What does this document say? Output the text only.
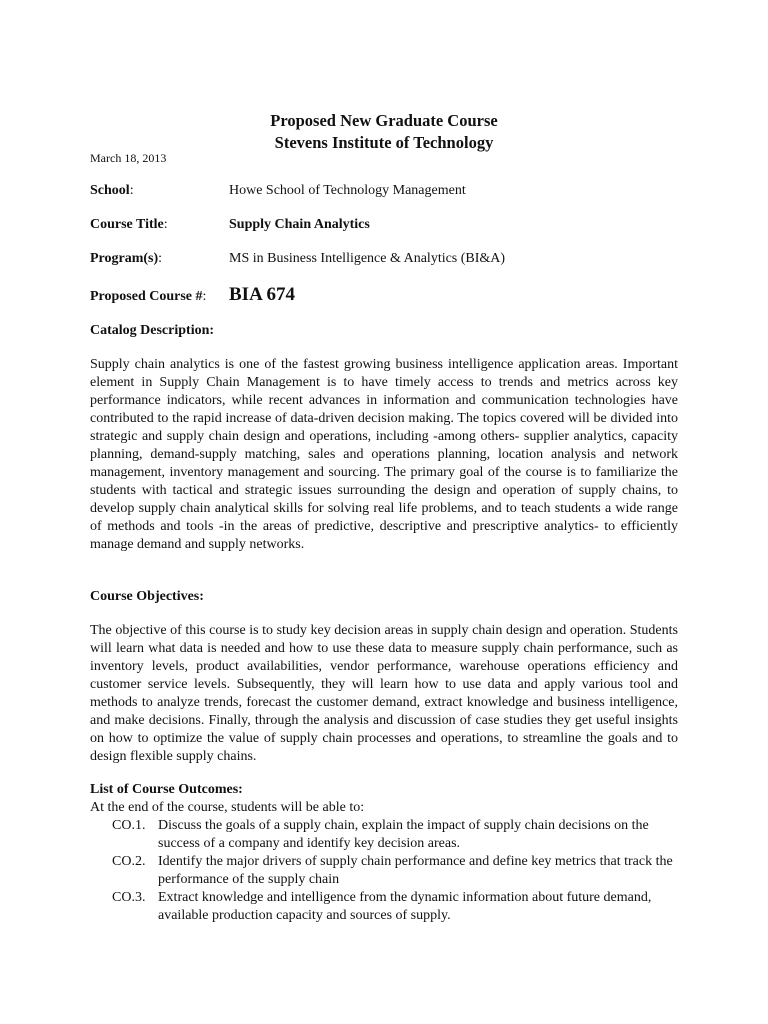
Proposed New Graduate Course
Stevens Institute of Technology
March 18, 2013
School:	Howe School of Technology Management
Course Title:	Supply Chain Analytics
Program(s):	MS in Business Intelligence & Analytics (BI&A)
Proposed Course #: BIA 674
Catalog Description:

Supply chain analytics is one of the fastest growing business intelligence application areas. Important element in Supply Chain Management is to have timely access to trends and metrics across key performance indicators, while recent advances in information and communication technologies have contributed to the rapid increase of data-driven decision making. The topics covered will be divided into strategic and supply chain design and operations, including -among others- supplier analytics, capacity planning, demand-supply matching, sales and operations planning, location analysis and network management, inventory management and sourcing. The primary goal of the course is to familiarize the students with tactical and strategic issues surrounding the design and operation of supply chains, to develop supply chain analytical skills for solving real life problems, and to teach students a wide range of methods and tools -in the areas of predictive, descriptive and prescriptive analytics- to efficiently manage demand and supply networks.

Course Objectives:

The objective of this course is to study key decision areas in supply chain design and operation. Students will learn what data is needed and how to use these data to measure supply chain performance, such as inventory levels, product availabilities, vendor performance, warehouse operations efficiency and customer service levels. Subsequently, they will learn how to use data and apply various tool and methods to analyze trends, forecast the customer demand, extract knowledge and business intelligence, and make decisions. Finally, through the analysis and discussion of case studies they get useful insights on how to optimize the value of supply chain processes and operations, to streamline the goals and to design flexible supply chains.

List of Course Outcomes:
At the end of the course, students will be able to:
CO.1. Discuss the goals of a supply chain, explain the impact of supply chain decisions on the success of a company and identify key decision areas.
CO.2. Identify the major drivers of supply chain performance and define key metrics that track the performance of the supply chain
CO.3. Extract knowledge and intelligence from the dynamic information about future demand, available production capacity and sources of supply.
